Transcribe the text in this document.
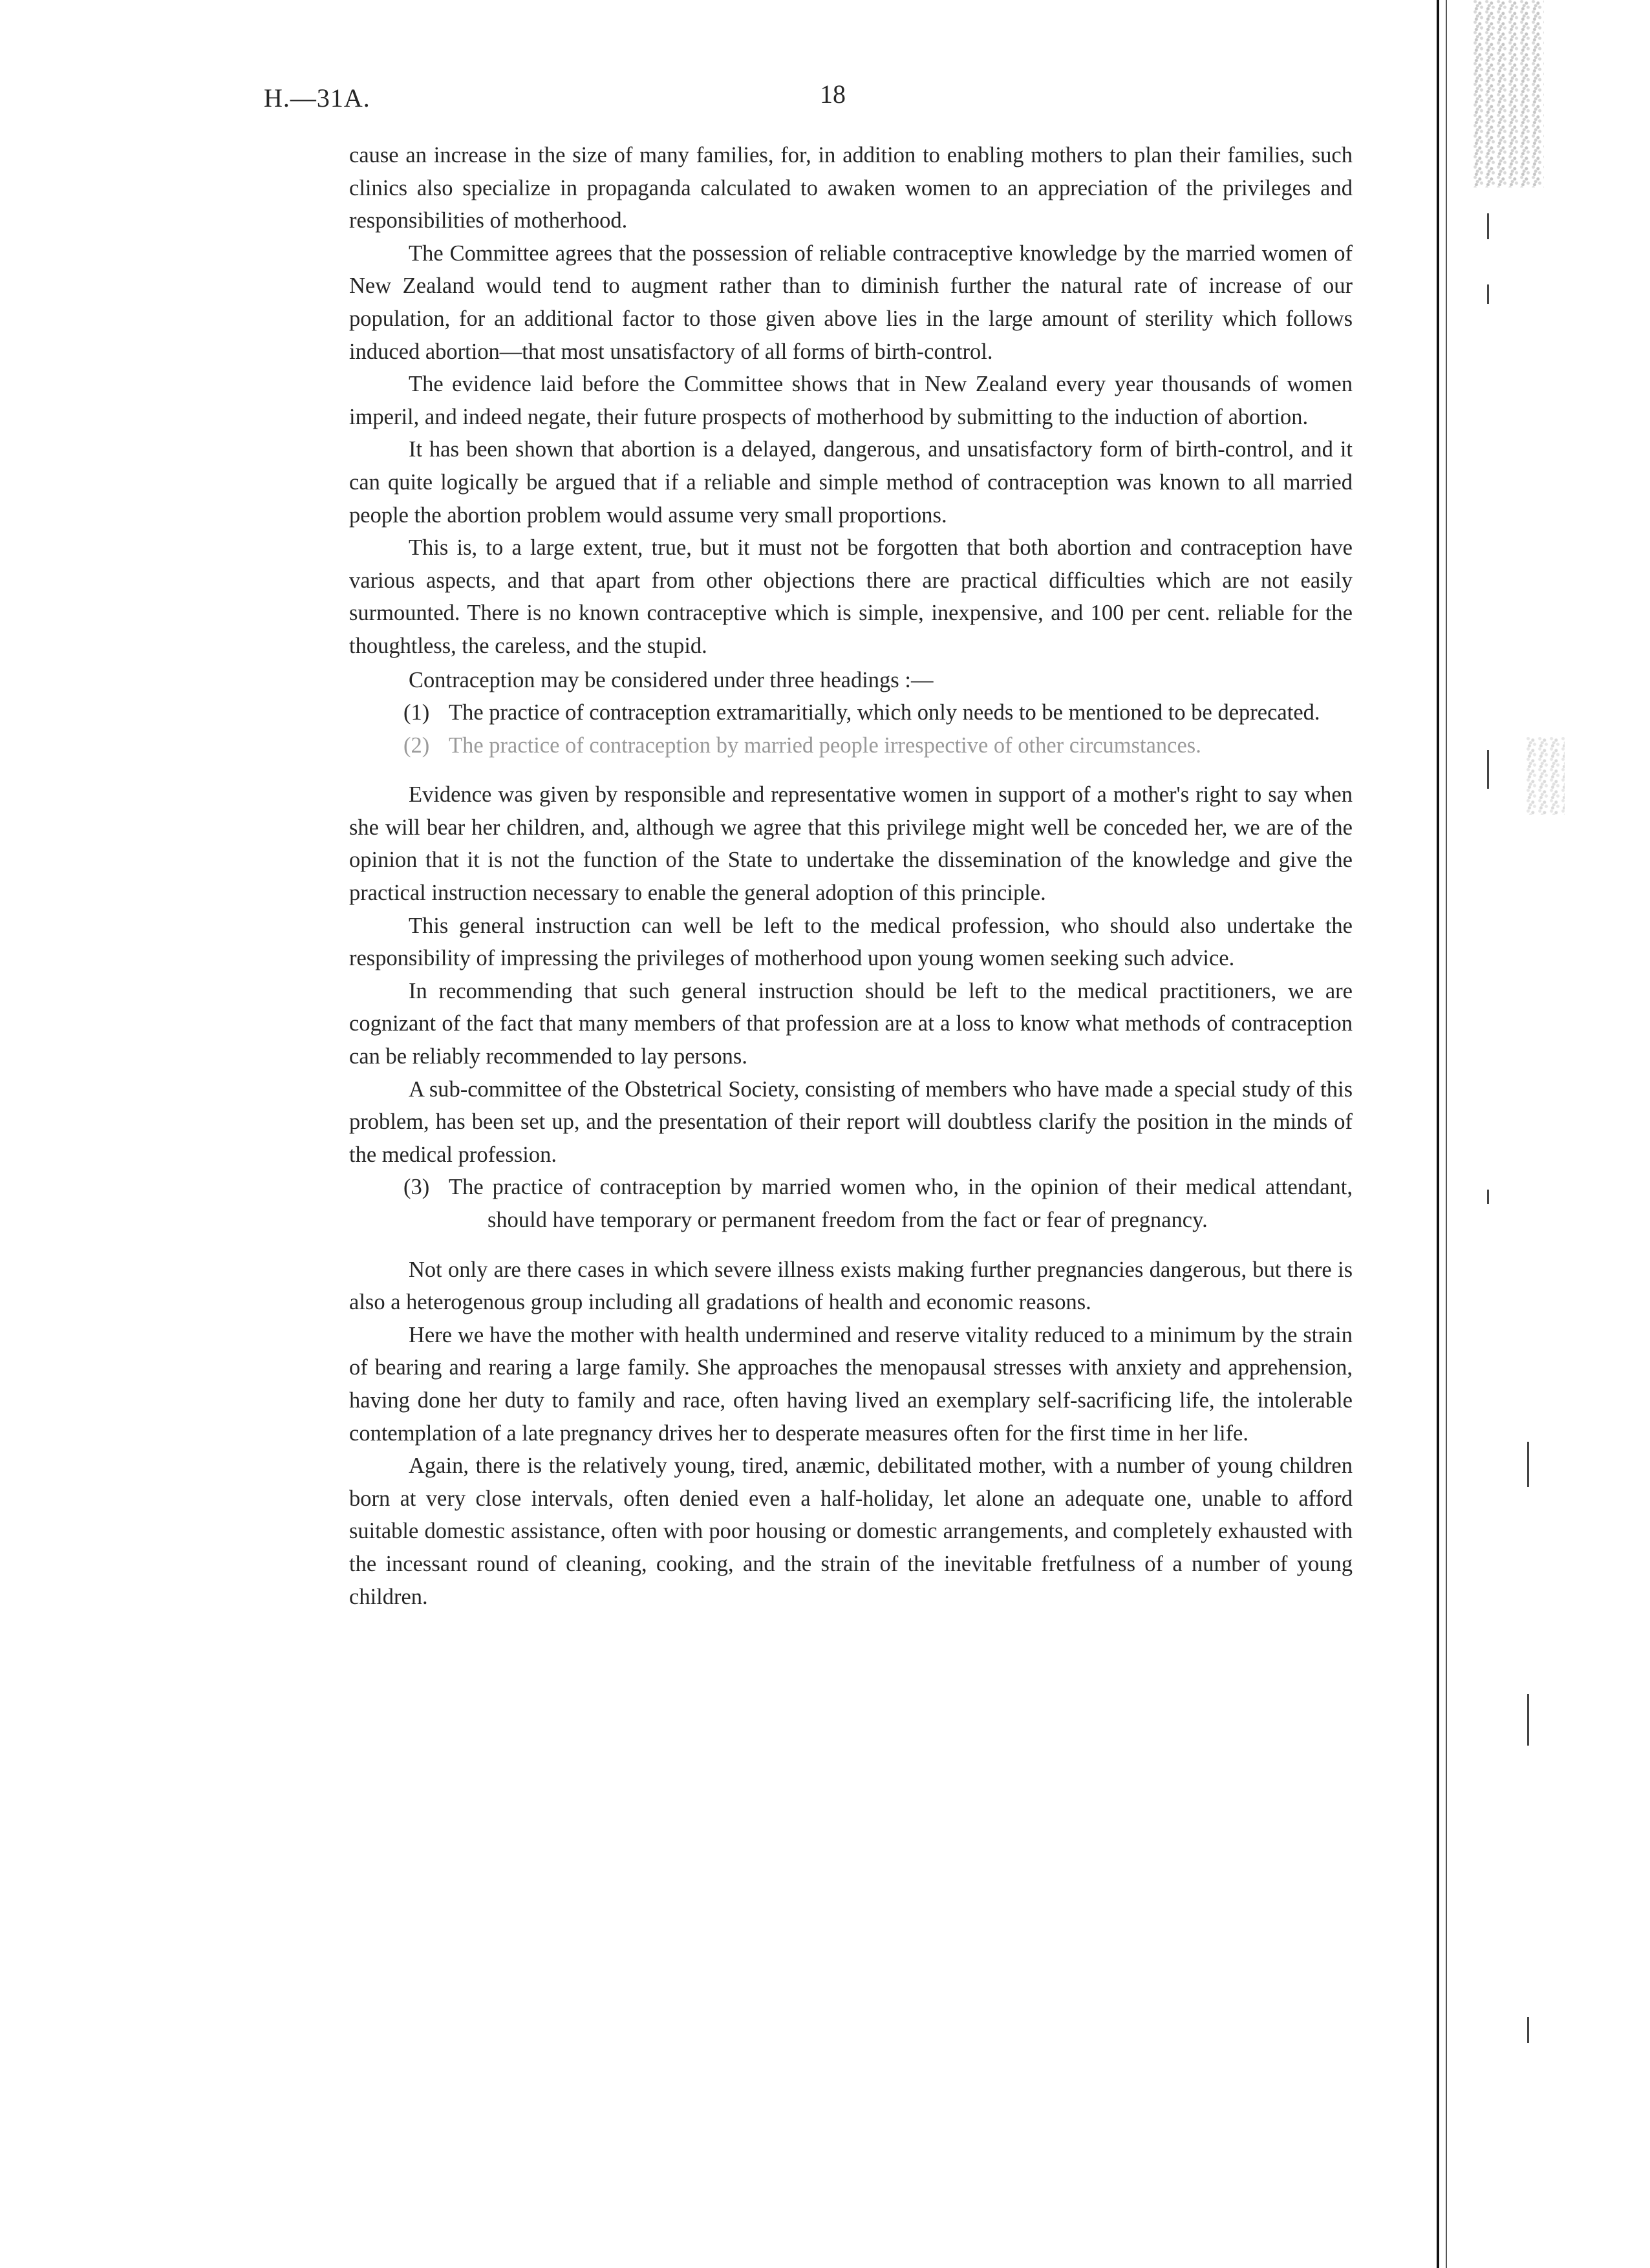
H.—31A.	18

cause an increase in the size of many families, for, in addition to enabling mothers to plan their families, such clinics also specialize in propaganda calculated to awaken women to an appreciation of the privileges and responsibilities of motherhood.

The Committee agrees that the possession of reliable contraceptive knowledge by the married women of New Zealand would tend to augment rather than to diminish further the natural rate of increase of our population, for an additional factor to those given above lies in the large amount of sterility which follows induced abortion—that most unsatisfactory of all forms of birth-control.

The evidence laid before the Committee shows that in New Zealand every year thousands of women imperil, and indeed negate, their future prospects of motherhood by submitting to the induction of abortion.

It has been shown that abortion is a delayed, dangerous, and unsatisfactory form of birth-control, and it can quite logically be argued that if a reliable and simple method of contraception was known to all married people the abortion problem would assume very small proportions.

This is, to a large extent, true, but it must not be forgotten that both abortion and contraception have various aspects, and that apart from other objections there are practical difficulties which are not easily surmounted. There is no known contraceptive which is simple, inexpensive, and 100 per cent. reliable for the thoughtless, the careless, and the stupid.

Contraception may be considered under three headings :—

(1) The practice of contraception extramaritially, which only needs to be mentioned to be deprecated.
(2) The practice of contraception by married people irrespective of other circumstances.

Evidence was given by responsible and representative women in support of a mother's right to say when she will bear her children, and, although we agree that this privilege might well be conceded her, we are of the opinion that it is not the function of the State to undertake the dissemination of the knowledge and give the practical instruction necessary to enable the general adoption of this principle.

This general instruction can well be left to the medical profession, who should also undertake the responsibility of impressing the privileges of motherhood upon young women seeking such advice.

In recommending that such general instruction should be left to the medical practitioners, we are cognizant of the fact that many members of that profession are at a loss to know what methods of contraception can be reliably recommended to lay persons.

A sub-committee of the Obstetrical Society, consisting of members who have made a special study of this problem, has been set up, and the presentation of their report will doubtless clarify the position in the minds of the medical profession.

(3) The practice of contraception by married women who, in the opinion of their medical attendant, should have temporary or permanent freedom from the fact or fear of pregnancy.

Not only are there cases in which severe illness exists making further pregnancies dangerous, but there is also a heterogenous group including all gradations of health and economic reasons.

Here we have the mother with health undermined and reserve vitality reduced to a minimum by the strain of bearing and rearing a large family. She approaches the menopausal stresses with anxiety and apprehension, having done her duty to family and race, often having lived an exemplary self-sacrificing life, the intolerable contemplation of a late pregnancy drives her to desperate measures often for the first time in her life.

Again, there is the relatively young, tired, anæmic, debilitated mother, with a number of young children born at very close intervals, often denied even a half-holiday, let alone an adequate one, unable to afford suitable domestic assistance, often with poor housing or domestic arrangements, and completely exhausted with the incessant round of cleaning, cooking, and the strain of the inevitable fretfulness of a number of young children.
